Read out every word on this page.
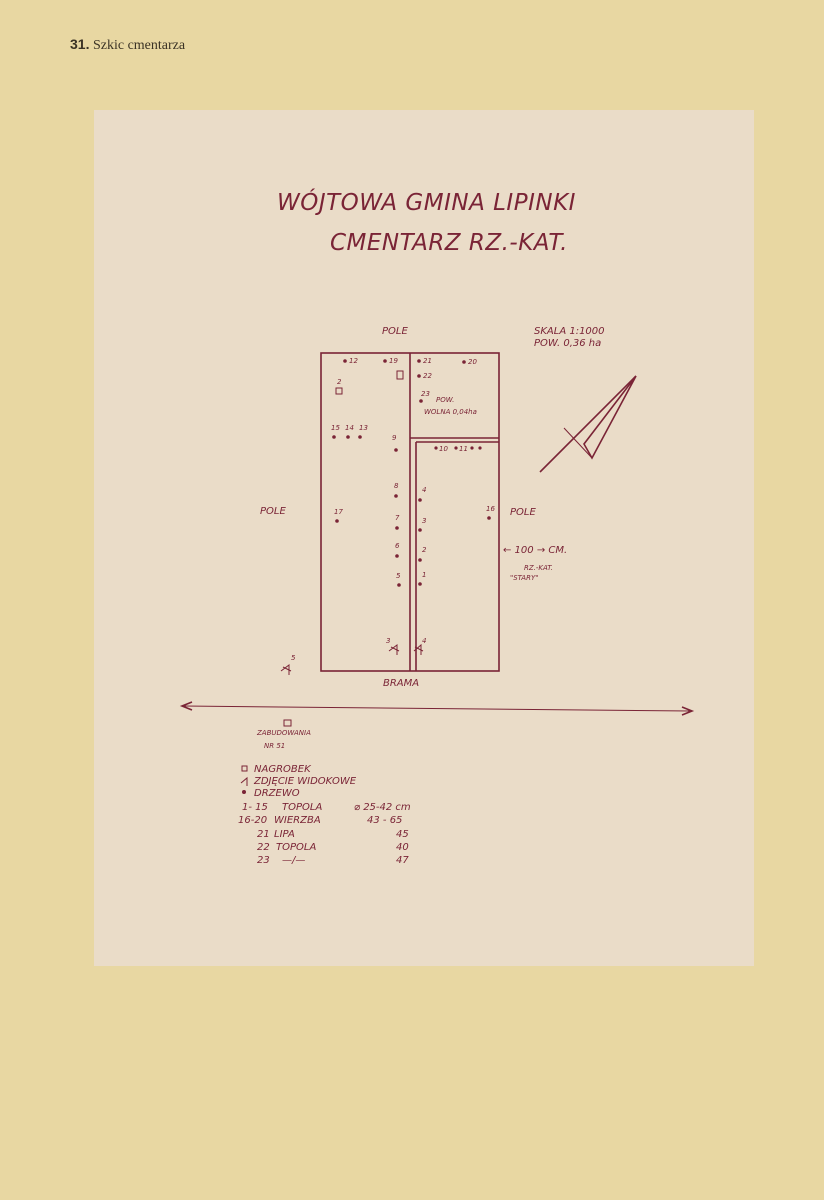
31. Szkic cmentarza
WÓJTOWA GMINA LIPINKI
CMENTARZ RZ.-KAT.
SKALA 1:1000
POW. 0,36 ha
POLE
POLE	POLE
BRAMA
POW.
WOLNA 0,04ha
12	19	21	20
22
23
2
15 14 13
9
10 11
8	4
17
7	3
16
6	2
5	1
3	4
5
← 100 → CM.
RZ.-KAT.
"STARY"
ZABUDOWANIA
NR 51
NAGROBEK
ZDJĘCIE WIDOKOWE
DRZEWO
1- 15 TOPOLA	⌀ 25-42 cm
16-20 WIERZBA	43 - 65
21 LIPA	45
22 TOPOLA	40
23 —/—	47
